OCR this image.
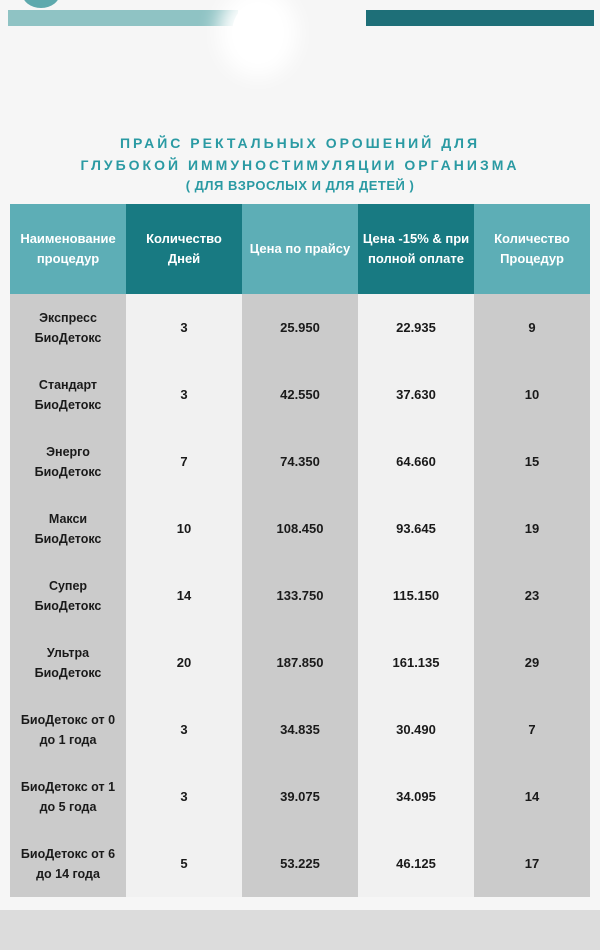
ПРАЙС РЕКТАЛЬНЫХ ОРОШЕНИЙ ДЛЯ
ГЛУБОКОЙ ИММУНОСТИМУЛЯЦИИ ОРГАНИЗМА
( ДЛЯ ВЗРОСЛЫХ И ДЛЯ ДЕТЕЙ )
Наименование процедур	Количество Дней	Цена по прайсу	Цена -15% & при полной оплате	Количество Процедур
Экспресс БиоДетокс	3	25.950	22.935	9
Стандарт БиоДетокс	3	42.550	37.630	10
Энерго БиоДетокс	7	74.350	64.660	15
Макси БиоДетокс	10	108.450	93.645	19
Супер БиоДетокс	14	133.750	115.150	23
Ультра БиоДетокс	20	187.850	161.135	29
БиоДетокс от 0 до 1 года	3	34.835	30.490	7
БиоДетокс от 1 до 5 года	3	39.075	34.095	14
БиоДетокс от 6 до 14 года	5	53.225	46.125	17
